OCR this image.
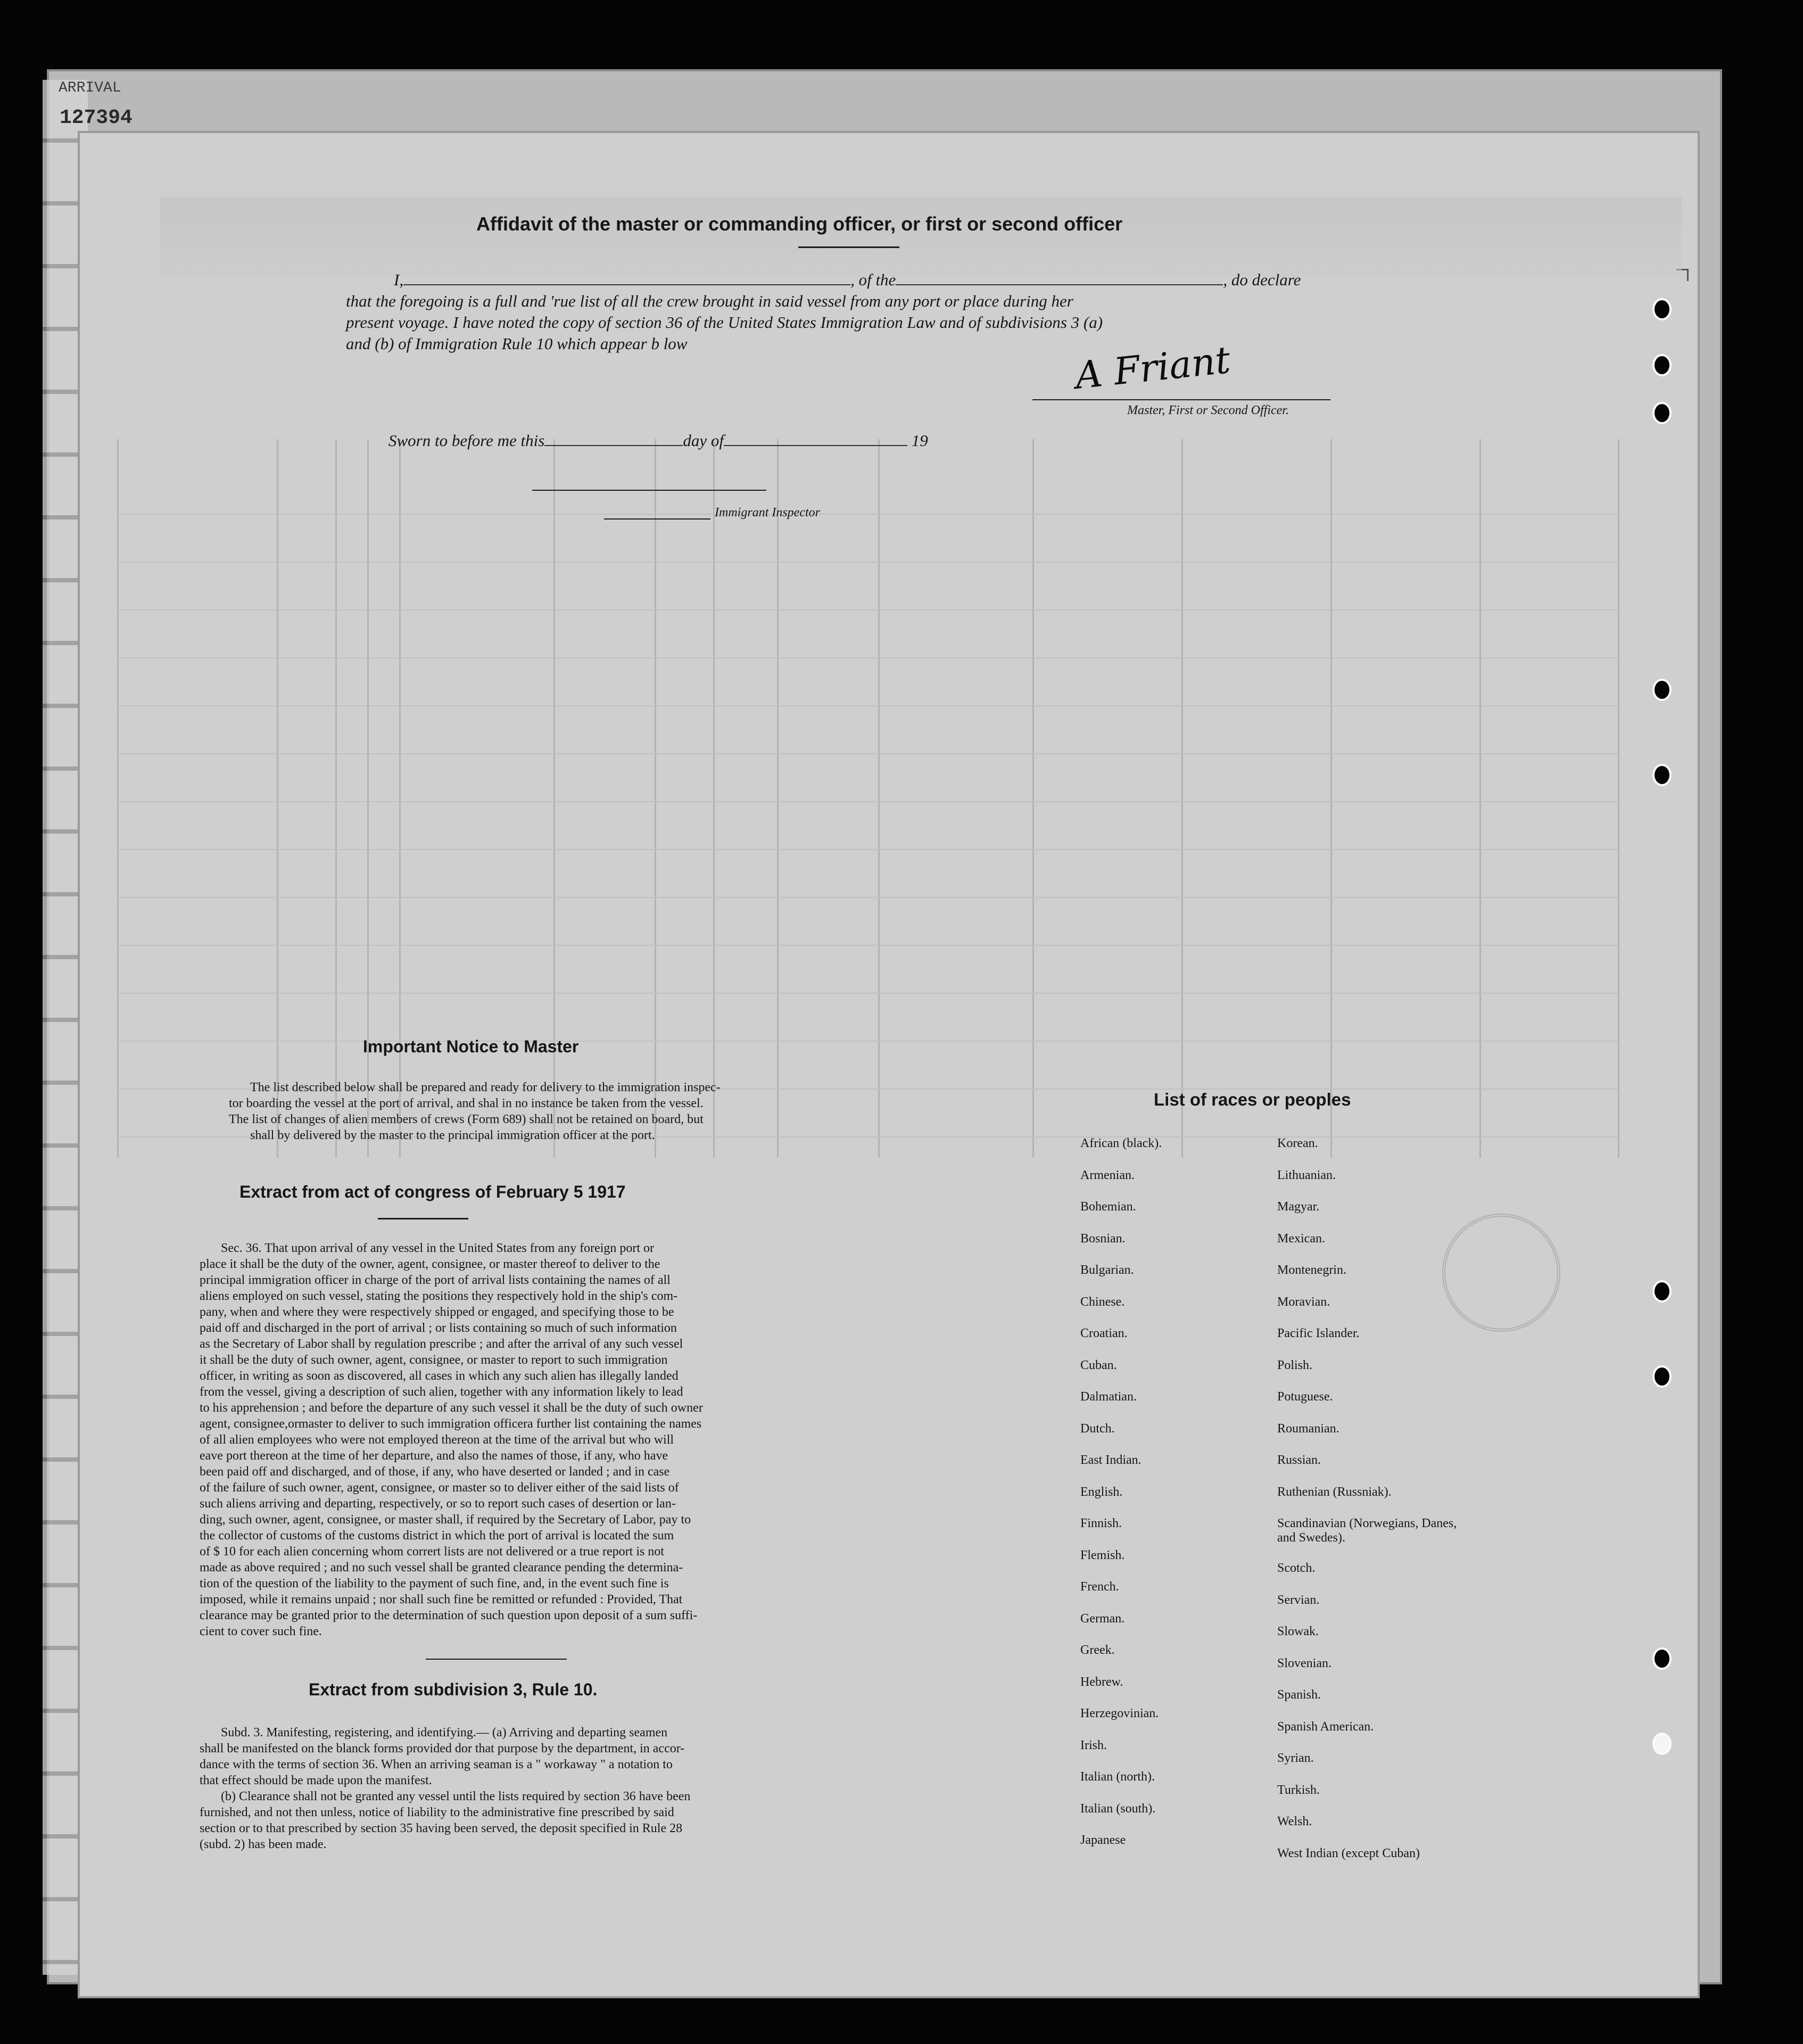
ARRIVAL
127394
Affidavit of the master or commanding officer, or first or second officer
I,	, of the	, do declare
that the foregoing is a full and 'rue list of all the crew brought in said vessel from any port or place during her
present voyage. I have noted the copy of section 36 of the United States Immigration Law and of subdivisions 3 (a)
and (b) of Immigration Rule 10 which appear b low	A Friant
Master, First or Second Officer.
Sworn to before me this	day of	19
Immigrant Inspector
Important Notice to Master

The list described below shall be prepared and ready for delivery to the immigration inspec-

tor boarding the vessel at the port of arrival, and shal in no instance be taken from the vessel.

The list of changes of alien members of crews (Form 689) shall not be retained on board, but

shall by delivered by the master to the principal immigration officer at the port.

Extract from act of congress of February 5 1917

Sec. 36. That upon arrival of any vessel in the United States from any foreign port or

place it shall be the duty of the owner, agent, consignee, or master thereof to deliver to the

principal immigration officer in charge of the port of arrival lists containing the names of all

aliens employed on such vessel, stating the positions they respectively hold in the ship's com-

pany, when and where they were respectively shipped or engaged, and specifying those to be

paid off and discharged in the port of arrival ; or lists containing so much of such information

as the Secretary of Labor shall by regulation prescribe ; and after the arrival of any such vessel

it shall be the duty of such owner, agent, consignee, or master to report to such immigration

officer, in writing as soon as discovered, all cases in which any such alien has illegally landed

from the vessel, giving a description of such alien, together with any information likely to lead

to his apprehension ; and before the departure of any such vessel it shall be the duty of such owner

agent, consignee,ormaster to deliver to such immigration officera further list containing the names

of all alien employees who were not employed thereon at the time of the arrival but who will

eave port thereon at the time of her departure, and also the names of those, if any, who have

been paid off and discharged, and of those, if any, who have deserted or landed ; and in case

of the failure of such owner, agent, consignee, or master so to deliver either of the said lists of

such aliens arriving and departing, respectively, or so to report such cases of desertion or lan-

ding, such owner, agent, consignee, or master shall, if required by the Secretary of Labor, pay to

the collector of customs of the customs district in which the port of arrival is located the sum

of $ 10 for each alien concerning whom corrert lists are not delivered or a true report is not

made as above required ; and no such vessel shall be granted clearance pending the determina-

tion of the question of the liability to the payment of such fine, and, in the event such fine is

imposed, while it remains unpaid ; nor shall such fine be remitted or refunded : Provided, That

clearance may be granted prior to the determination of such question upon deposit of a sum suffi-

cient to cover such fine.

Extract from subdivision 3, Rule 10.

Subd. 3. Manifesting, registering, and identifying.— (a) Arriving and departing seamen

shall be manifested on the blanck forms provided dor that purpose by the department, in accor-

dance with the terms of section 36. When an arriving seaman is a " workaway " a notation to

that effect should be made upon the manifest.

(b) Clearance shall not be granted any vessel until the lists required by section 36 have been

furnished, and not then unless, notice of liability to the administrative fine prescribed by said

section or to that prescribed by section 35 having been served, the deposit specified in Rule 28

(subd. 2) has been made.

List of races or peoples
African (black).
Armenian.
Bohemian.
Bosnian.
Bulgarian.
Chinese.
Croatian.
Cuban.
Dalmatian.
Dutch.
East Indian.
English.
Finnish.
Flemish.
French.
German.
Greek.
Hebrew.
Herzegovinian.
Irish.
Italian (north).
Italian (south).
Japanese
Korean.
Lithuanian.
Magyar.
Mexican.
Montenegrin.
Moravian.
Pacific Islander.
Polish.
Potuguese.
Roumanian.
Russian.
Ruthenian (Russniak).
Scandinavian (Norwegians, Danes, and Swedes).
Scotch.
Servian.
Slowak.
Slovenian.
Spanish.
Spanish American.
Syrian.
Turkish.
Welsh.
West Indian (except Cuban)
